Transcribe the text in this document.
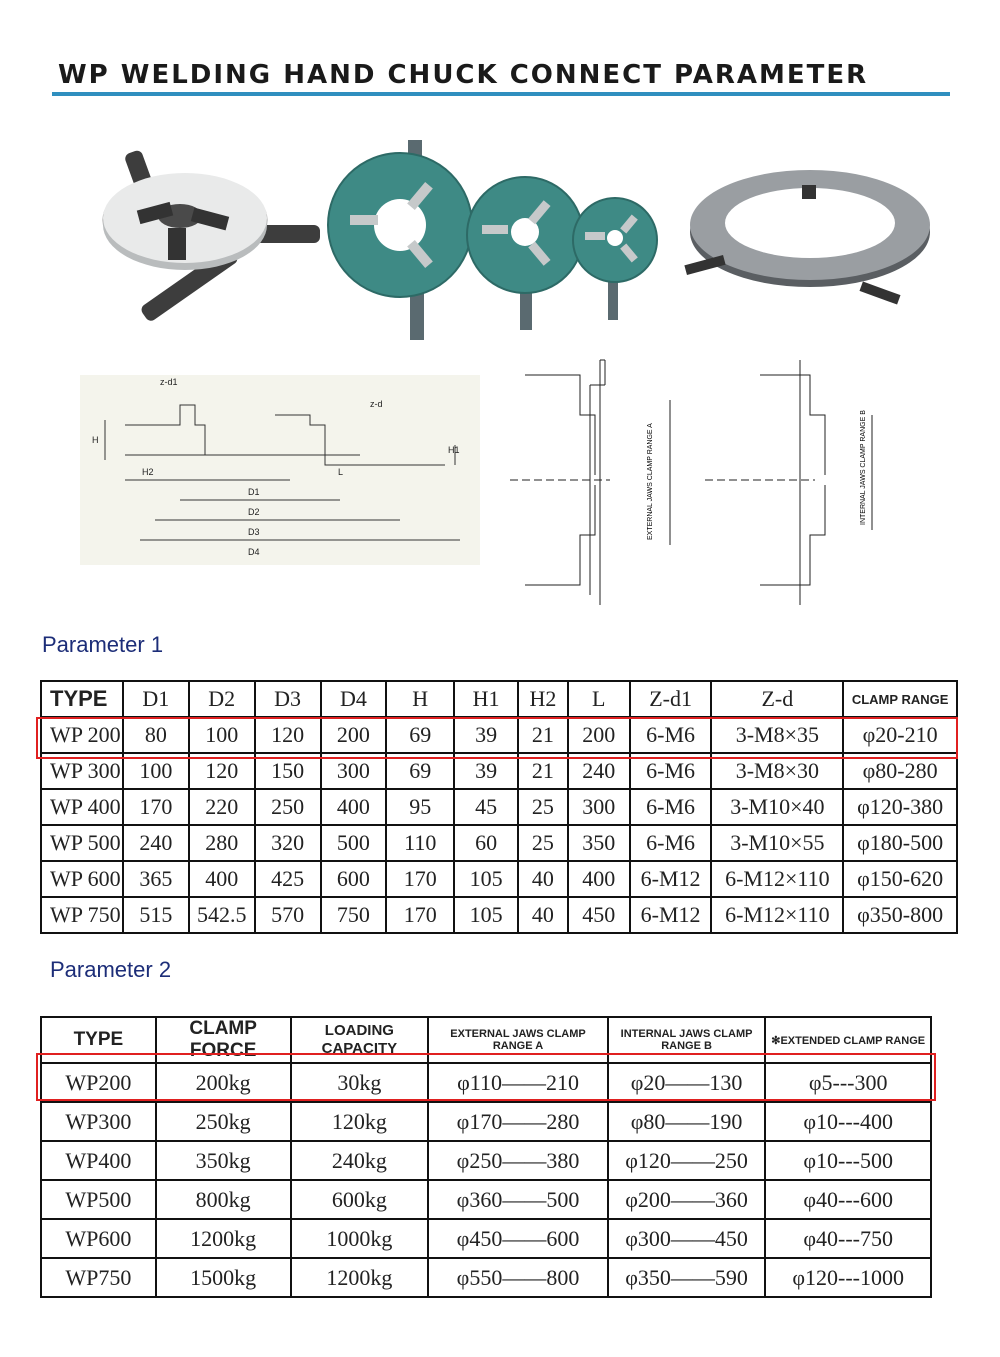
WP WELDING HAND CHUCK CONNECT PARAMETER
z-d1
z-d
H
H1
H2	L
D1
D2
D3
D4
EXTERNAL JAWS CLAMP RANGE A	INTERNAL JAWS CLAMP RANGE B
Parameter 1
TYPE	D1	D2	D3	D4	H	H1	H2	L	Z-d1	Z-d	CLAMP RANGE
WP 200	80	100	120	200	69	39	21	200	6-M6	3-M8×35	φ20-210
WP 300	100	120	150	300	69	39	21	240	6-M6	3-M8×30	φ80-280
WP 400	170	220	250	400	95	45	25	300	6-M6	3-M10×40	φ120-380
WP 500	240	280	320	500	110	60	25	350	6-M6	3-M10×55	φ180-500
WP 600	365	400	425	600	170	105	40	400	6-M12	6-M12×110	φ150-620
WP 750	515	542.5	570	750	170	105	40	450	6-M12	6-M12×110	φ350-800
Parameter 2
TYPE	CLAMP FORCE	LOADING CAPACITY	EXTERNAL JAWS CLAMP RANGE A	INTERNAL JAWS CLAMP RANGE B	✻EXTENDED CLAMP RANGE
WP200	200kg	30kg	φ110——210	φ20——130	φ5---300
WP300	250kg	120kg	φ170——280	φ80——190	φ10---400
WP400	350kg	240kg	φ250——380	φ120——250	φ10---500
WP500	800kg	600kg	φ360——500	φ200——360	φ40---600
WP600	1200kg	1000kg	φ450——600	φ300——450	φ40---750
WP750	1500kg	1200kg	φ550——800	φ350——590	φ120---1000
